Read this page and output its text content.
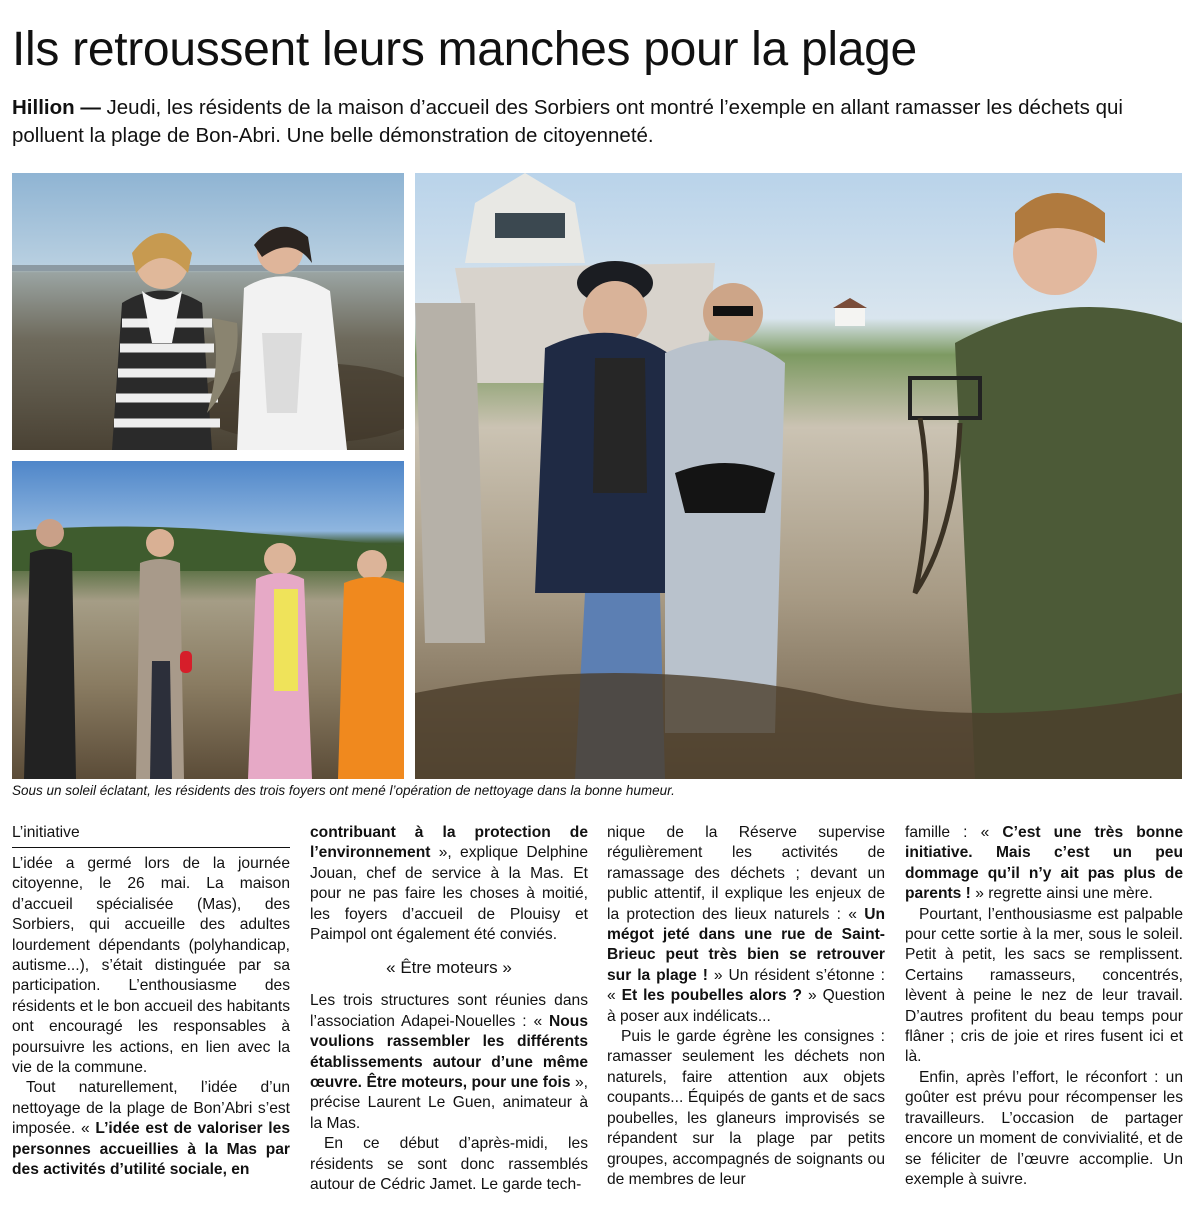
Ils retroussent leurs manches pour la plage

Hillion — Jeudi, les résidents de la maison d’accueil des Sorbiers ont montré l’exemple en allant ramasser les déchets qui polluent la plage de Bon-Abri. Une belle démonstration de citoyenneté.

Sous un soleil éclatant, les résidents des trois foyers ont mené l’opération de nettoyage dans la bonne humeur.

L’initiative

L’idée a germé lors de la journée citoyenne, le 26 mai. La maison d’accueil spécialisée (Mas), des Sorbiers, qui accueille des adultes lourdement dépendants (polyhandicap, autisme...), s’était distinguée par sa participation. L’enthousiasme des résidents et le bon accueil des habitants ont encouragé les responsables à poursuivre les actions, en lien avec la vie de la commune.

Tout naturellement, l’idée d’un nettoyage de la plage de Bon’Abri s’est imposée. « L’idée est de valoriser les personnes accueillies à la Mas par des activités d’utilité sociale, en

contribuant à la protection de l’environnement », explique Delphine Jouan, chef de service à la Mas. Et pour ne pas faire les choses à moitié, les foyers d’accueil de Plouisy et Paimpol ont également été conviés.

« Être moteurs »

Les trois structures sont réunies dans l’association Adapei-Nouelles : « Nous voulions rassembler les différents établissements autour d’une même œuvre. Être moteurs, pour une fois », précise Laurent Le Guen, animateur à la Mas.

En ce début d’après-midi, les résidents se sont donc rassemblés autour de Cédric Jamet. Le garde tech-

nique de la Réserve supervise régulièrement les activités de ramassage des déchets ; devant un public attentif, il explique les enjeux de la protection des lieux naturels : « Un mégot jeté dans une rue de Saint-Brieuc peut très bien se retrouver sur la plage ! » Un résident s’étonne : « Et les poubelles alors ? » Question à poser aux indélicats...

Puis le garde égrène les consignes : ramasser seulement les déchets non naturels, faire attention aux objets coupants... Équipés de gants et de sacs poubelles, les glaneurs improvisés se répandent sur la plage par petits groupes, accompagnés de soignants ou de membres de leur

famille : « C’est une très bonne initiative. Mais c’est un peu dommage qu’il n’y ait pas plus de parents ! » regrette ainsi une mère.

Pourtant, l’enthousiasme est palpable pour cette sortie à la mer, sous le soleil. Petit à petit, les sacs se remplissent. Certains ramasseurs, concentrés, lèvent à peine le nez de leur travail. D’autres profitent du beau temps pour flâner ; cris de joie et rires fusent ici et là.

Enfin, après l’effort, le réconfort : un goûter est prévu pour récompenser les travailleurs. L’occasion de partager encore un moment de convivialité, et de se féliciter de l’œuvre accomplie. Un exemple à suivre.
